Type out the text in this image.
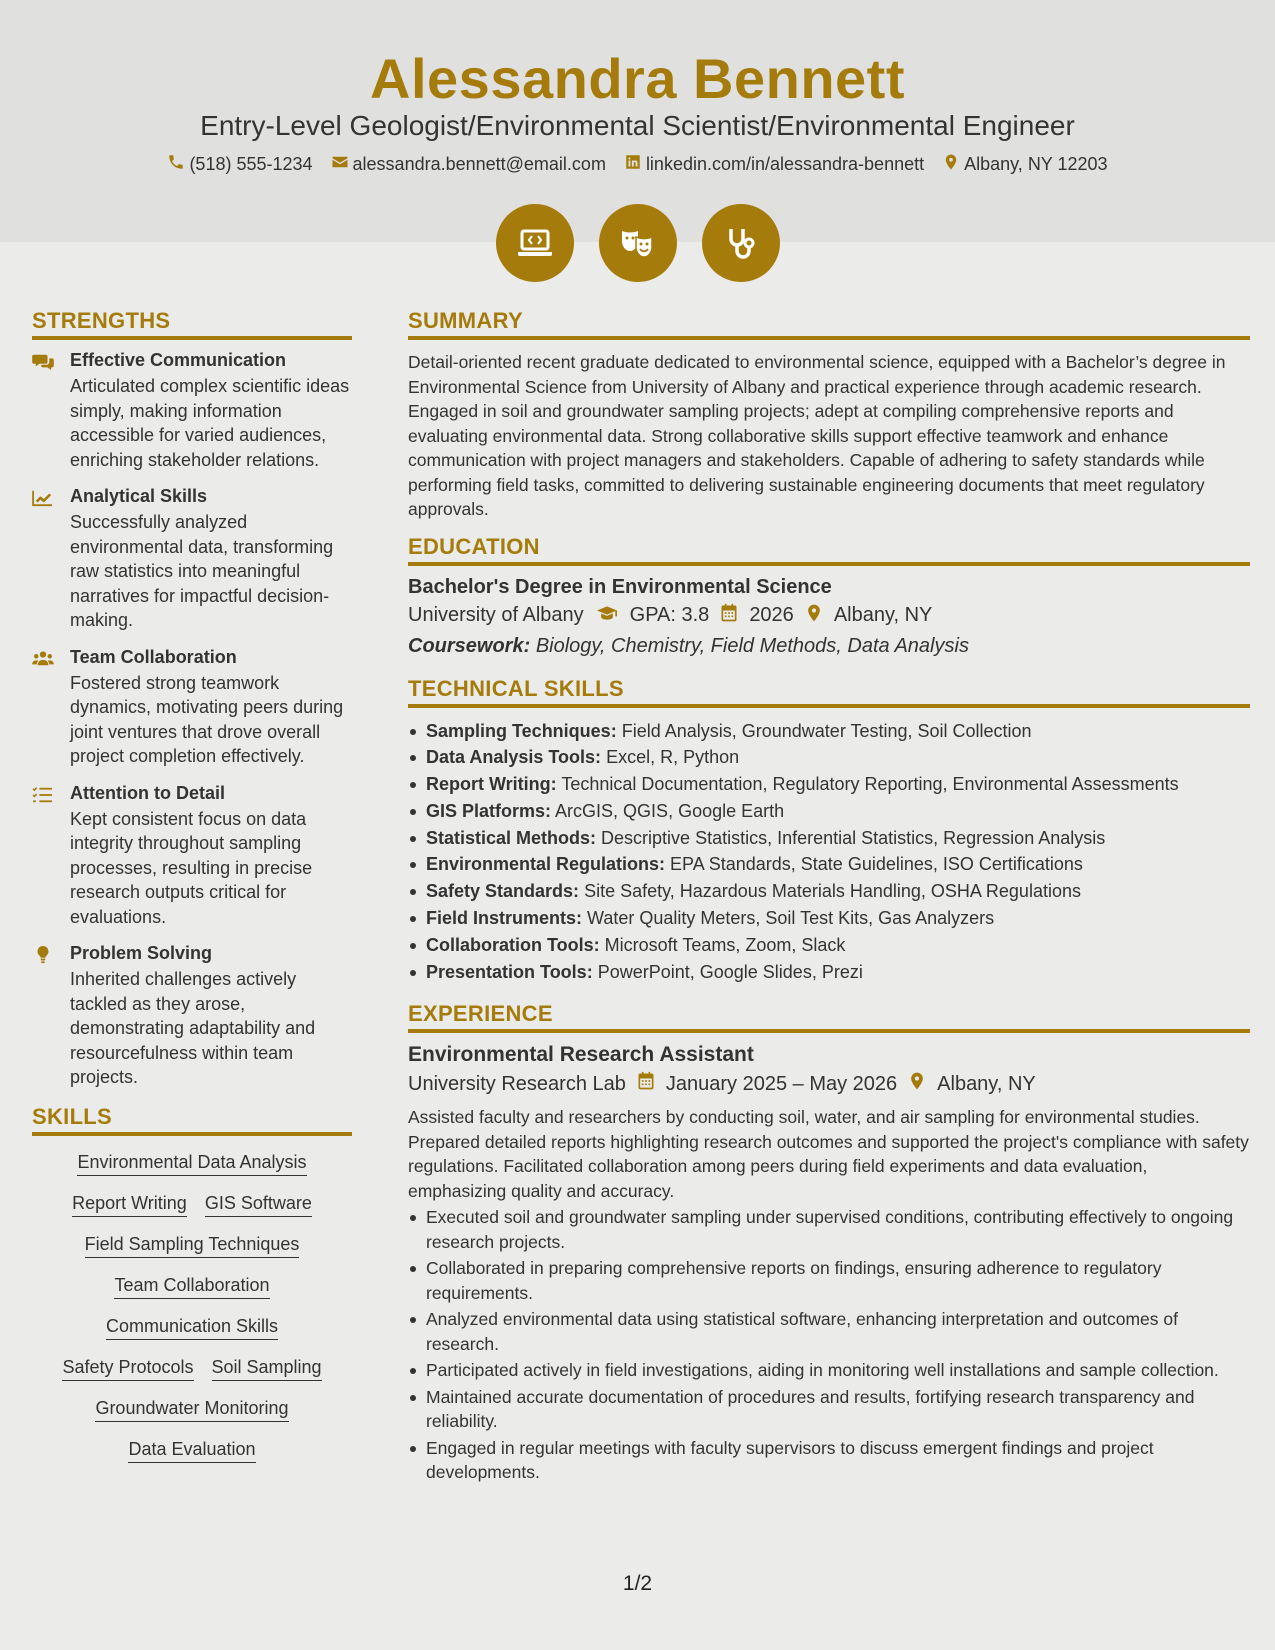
Alessandra Bennett
Entry-Level Geologist/Environmental Scientist/Environmental Engineer
(518) 555-1234 alessandra.bennett@email.com linkedin.com/in/alessandra-bennett Albany, NY 12203
STRENGTHS
Effective Communication
Articulated complex scientific ideas simply, making information accessible for varied audiences, enriching stakeholder relations.
Analytical Skills
Successfully analyzed environmental data, transforming raw statistics into meaningful narratives for impactful decision-making.
Team Collaboration
Fostered strong teamwork dynamics, motivating peers during joint ventures that drove overall project completion effectively.
Attention to Detail
Kept consistent focus on data integrity throughout sampling processes, resulting in precise research outputs critical for evaluations.
Problem Solving
Inherited challenges actively tackled as they arose, demonstrating adaptability and resourcefulness within team projects.
SKILLS
Environmental Data Analysis
Report Writing GIS Software
Field Sampling Techniques
Team Collaboration
Communication Skills
Safety Protocols Soil Sampling
Groundwater Monitoring
Data Evaluation
SUMMARY
Detail-oriented recent graduate dedicated to environmental science, equipped with a Bachelor’s degree in Environmental Science from University of Albany and practical experience through academic research. Engaged in soil and groundwater sampling projects; adept at compiling comprehensive reports and evaluating environmental data. Strong collaborative skills support effective teamwork and enhance communication with project managers and stakeholders. Capable of adhering to safety standards while performing field tasks, committed to delivering sustainable engineering documents that meet regulatory approvals.
EDUCATION
Bachelor's Degree in Environmental Science
University of Albany GPA: 3.8 2026 Albany, NY
Coursework: Biology, Chemistry, Field Methods, Data Analysis
TECHNICAL SKILLS
Sampling Techniques: Field Analysis, Groundwater Testing, Soil Collection
Data Analysis Tools: Excel, R, Python
Report Writing: Technical Documentation, Regulatory Reporting, Environmental Assessments
GIS Platforms: ArcGIS, QGIS, Google Earth
Statistical Methods: Descriptive Statistics, Inferential Statistics, Regression Analysis
Environmental Regulations: EPA Standards, State Guidelines, ISO Certifications
Safety Standards: Site Safety, Hazardous Materials Handling, OSHA Regulations
Field Instruments: Water Quality Meters, Soil Test Kits, Gas Analyzers
Collaboration Tools: Microsoft Teams, Zoom, Slack
Presentation Tools: PowerPoint, Google Slides, Prezi
EXPERIENCE
Environmental Research Assistant
University Research Lab January 2025 – May 2026 Albany, NY
Assisted faculty and researchers by conducting soil, water, and air sampling for environmental studies. Prepared detailed reports highlighting research outcomes and supported the project's compliance with safety regulations. Facilitated collaboration among peers during field experiments and data evaluation, emphasizing quality and accuracy.
Executed soil and groundwater sampling under supervised conditions, contributing effectively to ongoing research projects.
Collaborated in preparing comprehensive reports on findings, ensuring adherence to regulatory requirements.
Analyzed environmental data using statistical software, enhancing interpretation and outcomes of research.
Participated actively in field investigations, aiding in monitoring well installations and sample collection.
Maintained accurate documentation of procedures and results, fortifying research transparency and reliability.
Engaged in regular meetings with faculty supervisors to discuss emergent findings and project developments.
1/2
